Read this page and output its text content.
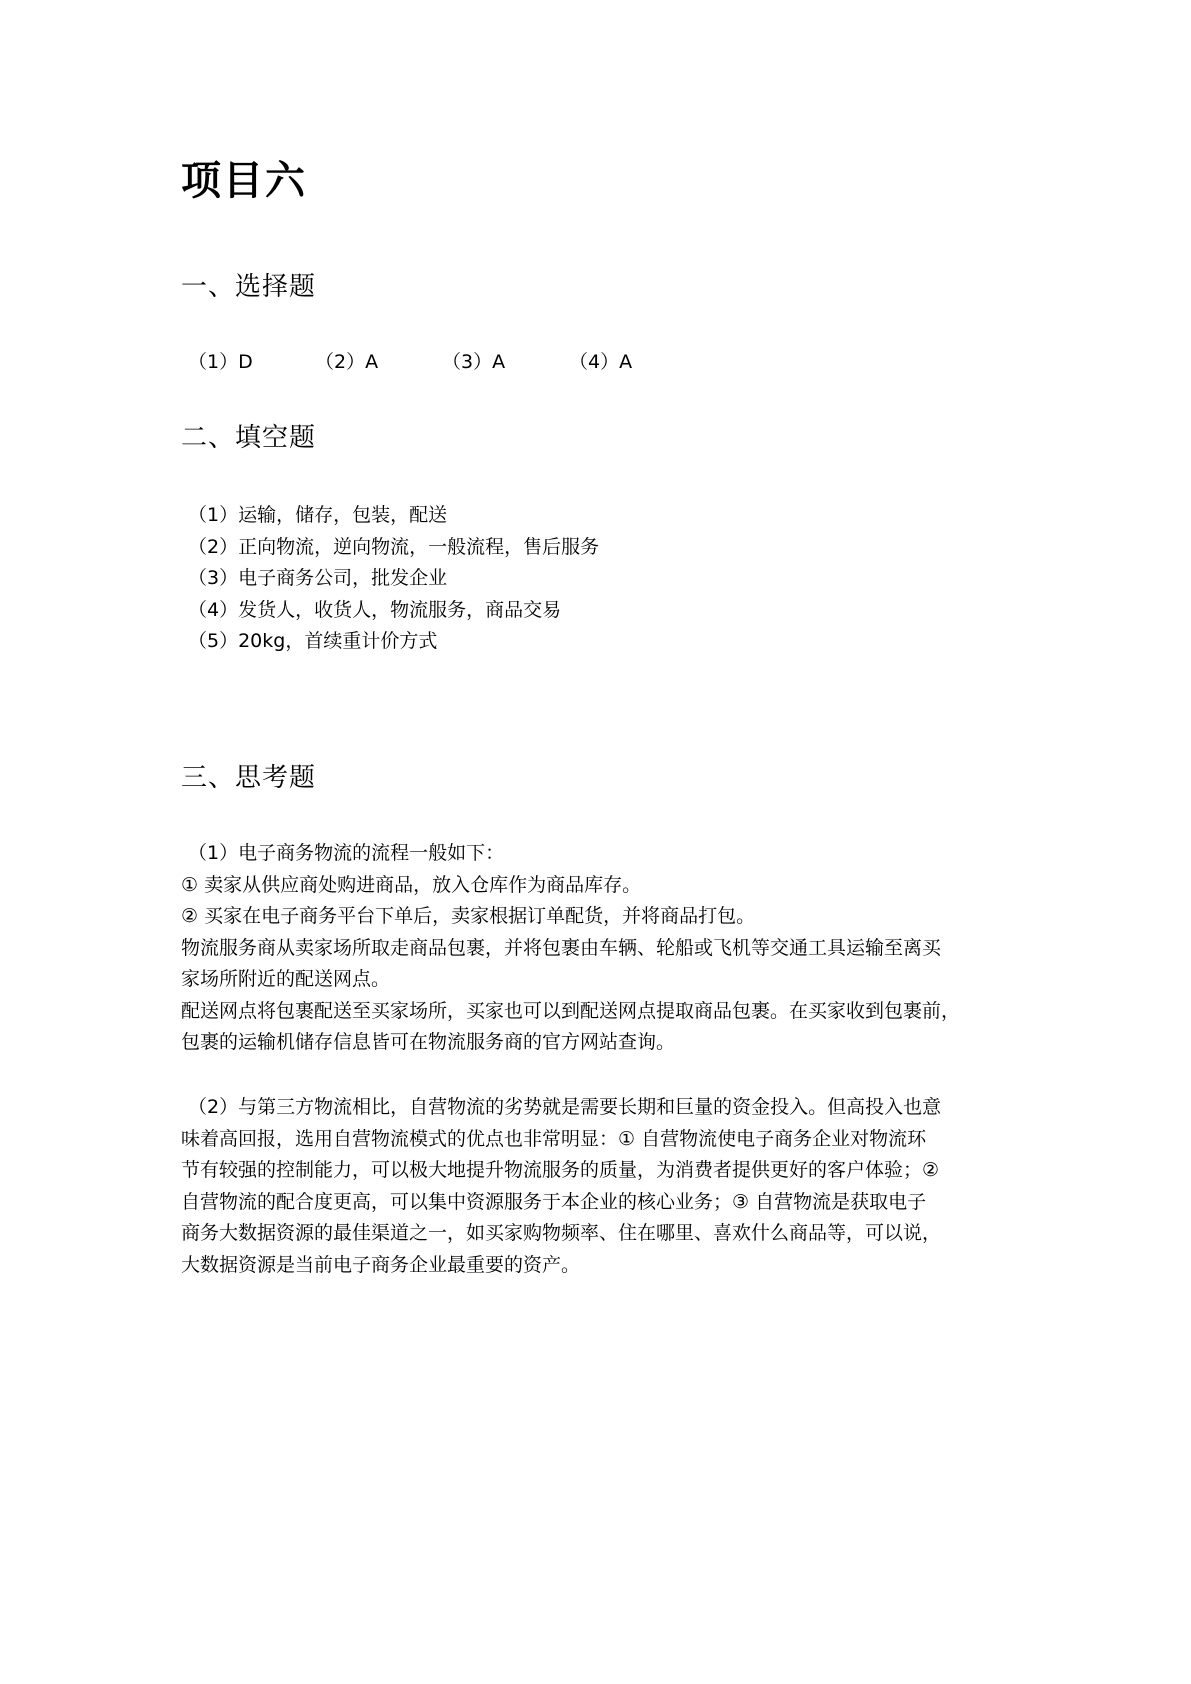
项目六
一、选择题
（1）D	（2）A	（3）A	（4）A
二、填空题
（1）运输，储存，包装，配送
（2）正向物流，逆向物流，一般流程，售后服务
（3）电子商务公司，批发企业
（4）发货人，收货人，物流服务，商品交易
（5）20kg，首续重计价方式
三、思考题
（1）电子商务物流的流程一般如下：
① 卖家从供应商处购进商品，放入仓库作为商品库存。
② 买家在电子商务平台下单后，卖家根据订单配货，并将商品打包。
物流服务商从卖家场所取走商品包裹，并将包裹由车辆、轮船或飞机等交通工具运输至离买
家场所附近的配送网点。
配送网点将包裹配送至买家场所，买家也可以到配送网点提取商品包裹。在买家收到包裹前，
包裹的运输机储存信息皆可在物流服务商的官方网站查询。
（2）与第三方物流相比，自营物流的劣势就是需要长期和巨量的资金投入。但高投入也意
味着高回报，选用自营物流模式的优点也非常明显：① 自营物流使电子商务企业对物流环
节有较强的控制能力，可以极大地提升物流服务的质量，为消费者提供更好的客户体验；②
自营物流的配合度更高，可以集中资源服务于本企业的核心业务；③ 自营物流是获取电子
商务大数据资源的最佳渠道之一，如买家购物频率、住在哪里、喜欢什么商品等，可以说，
大数据资源是当前电子商务企业最重要的资产。
